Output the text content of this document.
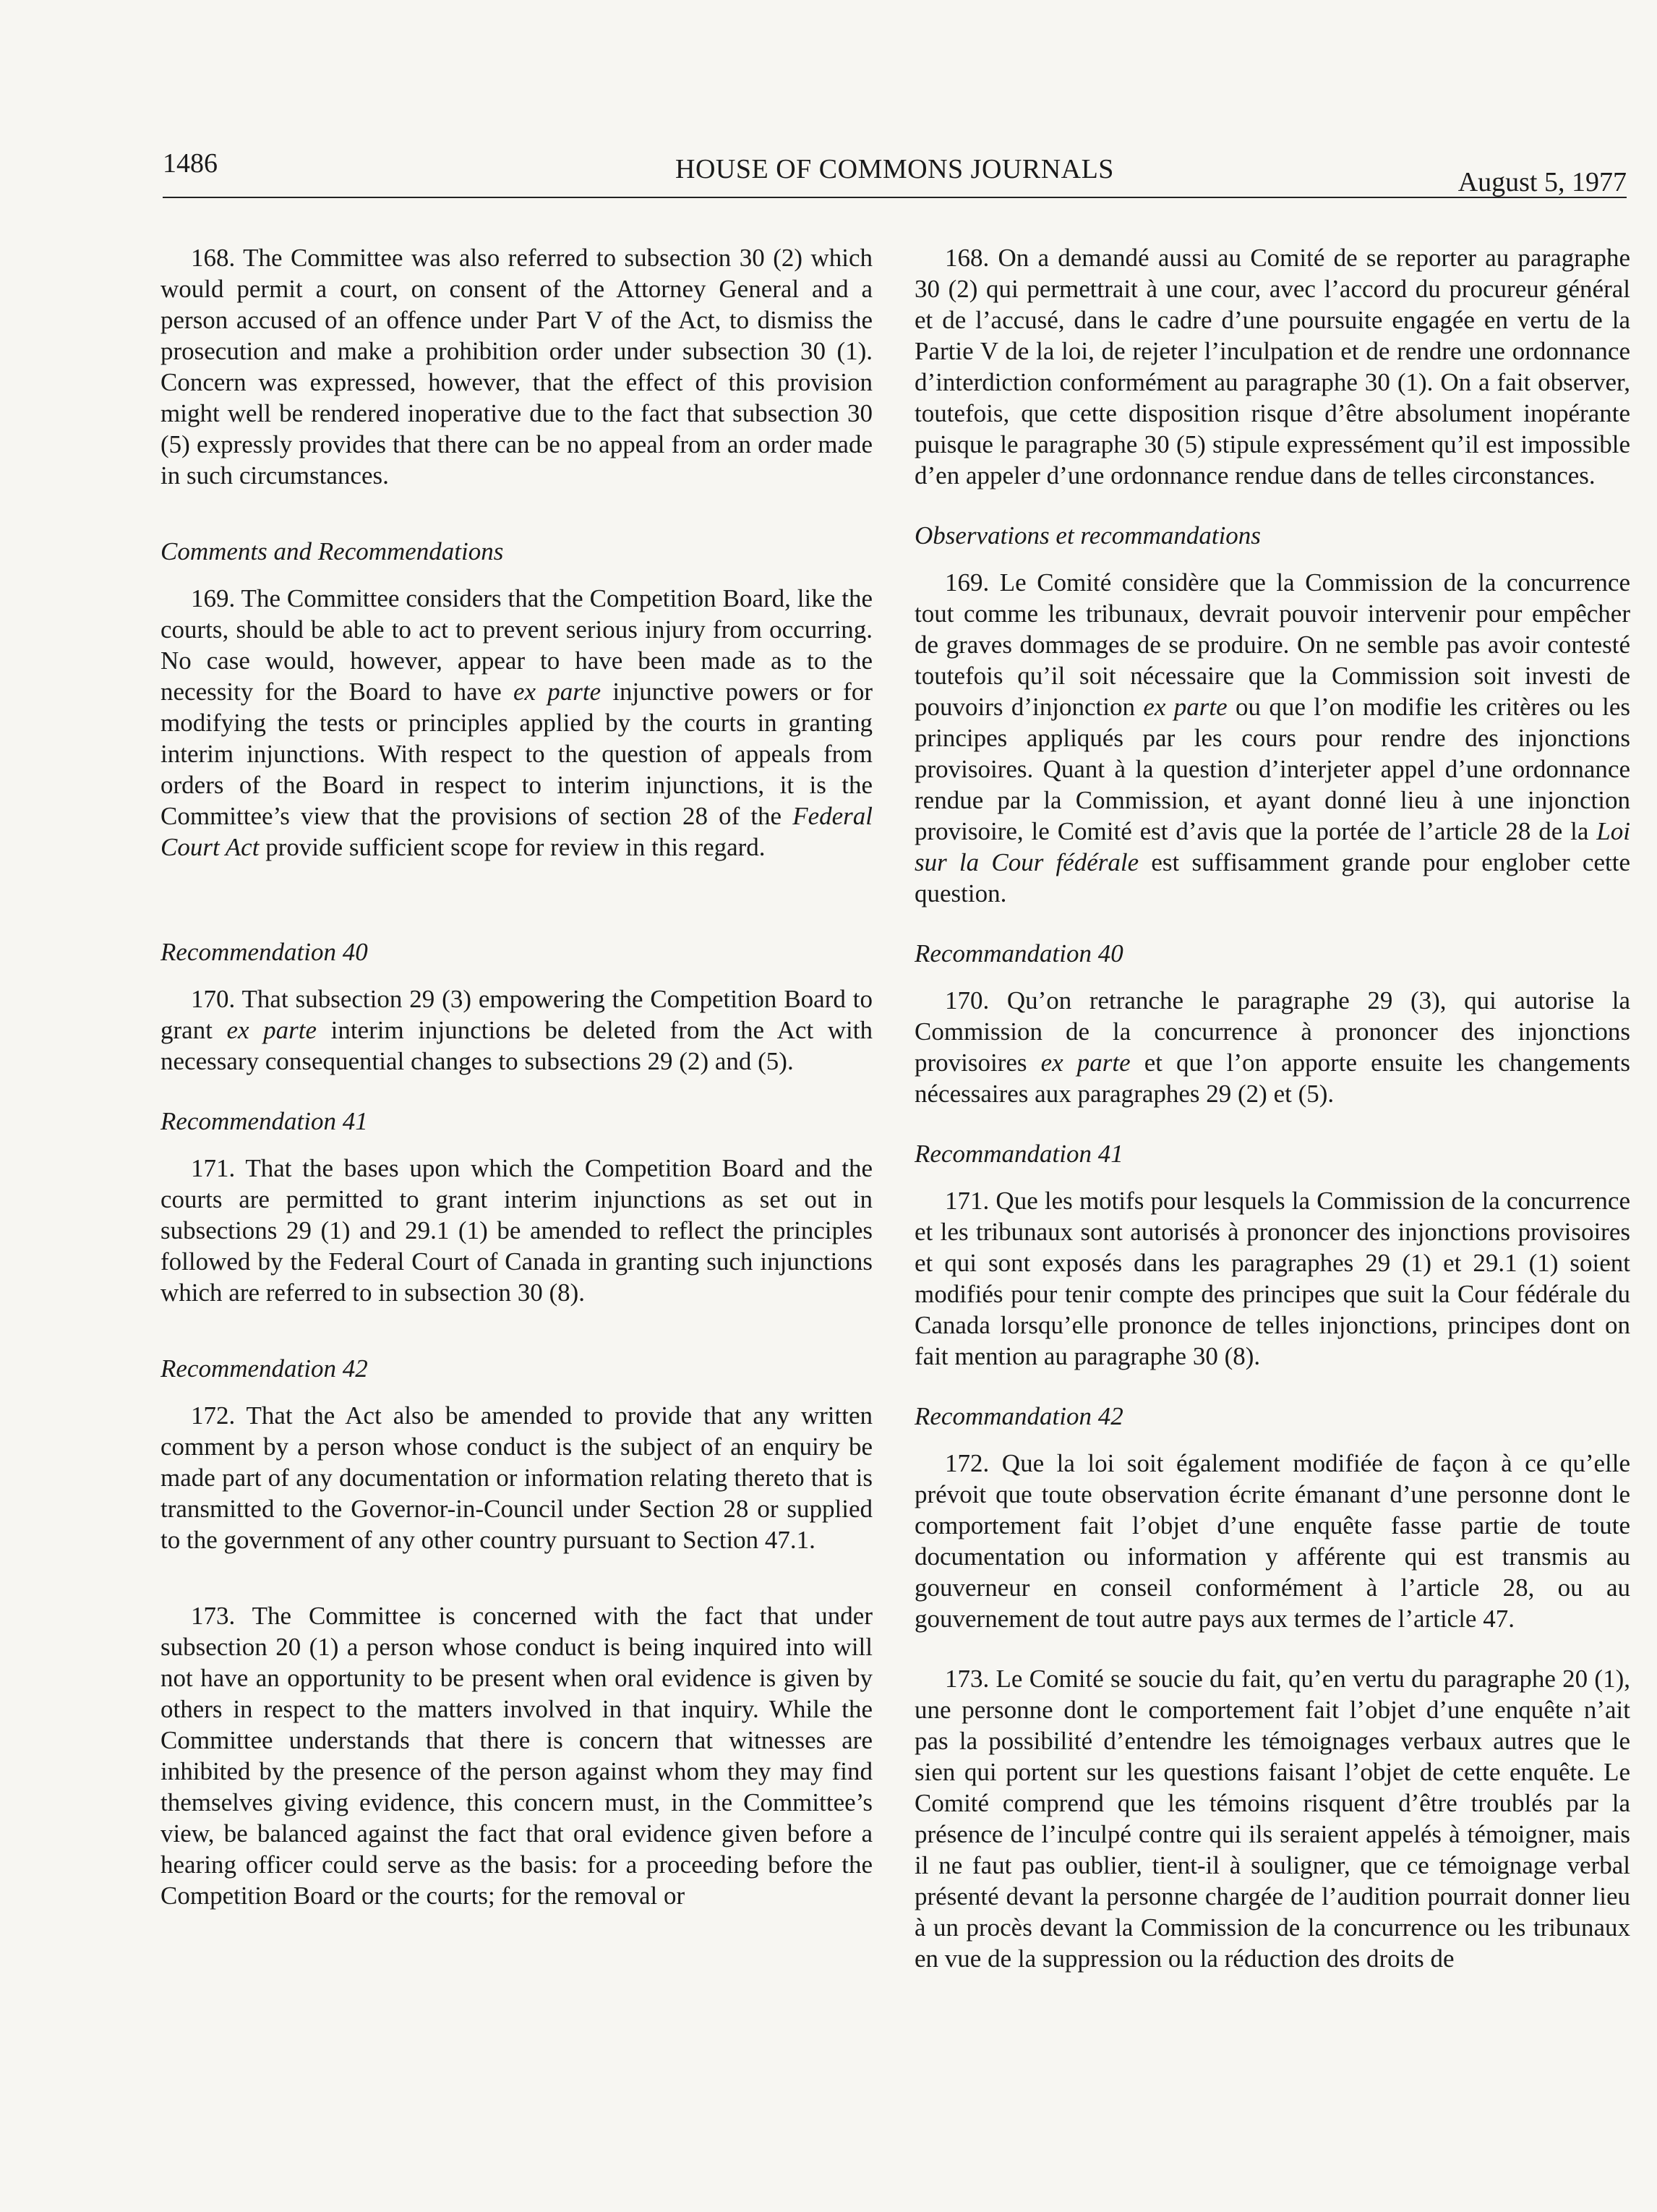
1486	HOUSE OF COMMONS JOURNALS	August 5, 1977

168. The Committee was also referred to subsection 30 (2) which would permit a court, on consent of the Attorney General and a person accused of an offence under Part V of the Act, to dismiss the prosecution and make a prohibition order under subsection 30 (1). Concern was expressed, however, that the effect of this provision might well be rendered inoperative due to the fact that subsection 30 (5) expressly provides that there can be no appeal from an order made in such circumstances.

Comments and Recommendations

169. The Committee considers that the Competition Board, like the courts, should be able to act to prevent serious injury from occurring. No case would, however, appear to have been made as to the necessity for the Board to have ex parte injunctive powers or for modifying the tests or principles applied by the courts in granting interim injunctions. With respect to the question of appeals from orders of the Board in respect to interim injunctions, it is the Committee’s view that the provisions of section 28 of the Federal Court Act provide sufficient scope for review in this regard.

Recommendation 40

170. That subsection 29 (3) empowering the Competition Board to grant ex parte interim injunctions be deleted from the Act with necessary consequential changes to subsections 29 (2) and (5).

Recommendation 41

171. That the bases upon which the Competition Board and the courts are permitted to grant interim injunctions as set out in subsections 29 (1) and 29.1 (1) be amended to reflect the principles followed by the Federal Court of Canada in granting such injunctions which are referred to in subsection 30 (8).

Recommendation 42

172. That the Act also be amended to provide that any written comment by a person whose conduct is the subject of an enquiry be made part of any documentation or information relating thereto that is transmitted to the Governor-in-Council under Section 28 or supplied to the government of any other country pursuant to Section 47.1.

173. The Committee is concerned with the fact that under subsection 20 (1) a person whose conduct is being inquired into will not have an opportunity to be present when oral evidence is given by others in respect to the matters involved in that inquiry. While the Committee understands that there is concern that witnesses are inhibited by the presence of the person against whom they may find themselves giving evidence, this concern must, in the Committee’s view, be balanced against the fact that oral evidence given before a hearing officer could serve as the basis: for a proceeding before the Competition Board or the courts; for the removal or

168. On a demandé aussi au Comité de se reporter au paragraphe 30 (2) qui permettrait à une cour, avec l’accord du procureur général et de l’accusé, dans le cadre d’une poursuite engagée en vertu de la Partie V de la loi, de rejeter l’inculpation et de rendre une ordonnance d’interdiction conformément au paragraphe 30 (1). On a fait observer, toutefois, que cette disposition risque d’être absolument inopérante puisque le paragraphe 30 (5) stipule expressément qu’il est impossible d’en appeler d’une ordonnance rendue dans de telles circonstances.

Observations et recommandations

169. Le Comité considère que la Commission de la concurrence tout comme les tribunaux, devrait pouvoir intervenir pour empêcher de graves dommages de se produire. On ne semble pas avoir contesté toutefois qu’il soit nécessaire que la Commission soit investi de pouvoirs d’injonction ex parte ou que l’on modifie les critères ou les principes appliqués par les cours pour rendre des injonctions provisoires. Quant à la question d’interjeter appel d’une ordonnance rendue par la Commission, et ayant donné lieu à une injonction provisoire, le Comité est d’avis que la portée de l’article 28 de la Loi sur la Cour fédérale est suffisamment grande pour englober cette question.

Recommandation 40

170. Qu’on retranche le paragraphe 29 (3), qui autorise la Commission de la concurrence à prononcer des injonctions provisoires ex parte et que l’on apporte ensuite les changements nécessaires aux paragraphes 29 (2) et (5).

Recommandation 41

171. Que les motifs pour lesquels la Commission de la concurrence et les tribunaux sont autorisés à prononcer des injonctions provisoires et qui sont exposés dans les paragraphes 29 (1) et 29.1 (1) soient modifiés pour tenir compte des principes que suit la Cour fédérale du Canada lorsqu’elle prononce de telles injonctions, principes dont on fait mention au paragraphe 30 (8).

Recommandation 42

172. Que la loi soit également modifiée de façon à ce qu’elle prévoit que toute observation écrite émanant d’une personne dont le comportement fait l’objet d’une enquête fasse partie de toute documentation ou information y afférente qui est transmis au gouverneur en conseil conformément à l’article 28, ou au gouvernement de tout autre pays aux termes de l’article 47.

173. Le Comité se soucie du fait, qu’en vertu du paragraphe 20 (1), une personne dont le comportement fait l’objet d’une enquête n’ait pas la possibilité d’entendre les témoignages verbaux autres que le sien qui portent sur les questions faisant l’objet de cette enquête. Le Comité comprend que les témoins risquent d’être troublés par la présence de l’inculpé contre qui ils seraient appelés à témoigner, mais il ne faut pas oublier, tient-il à souligner, que ce témoignage verbal présenté devant la personne chargée de l’audition pourrait donner lieu à un procès devant la Commission de la concurrence ou les tribunaux en vue de la suppression ou la réduction des droits de
